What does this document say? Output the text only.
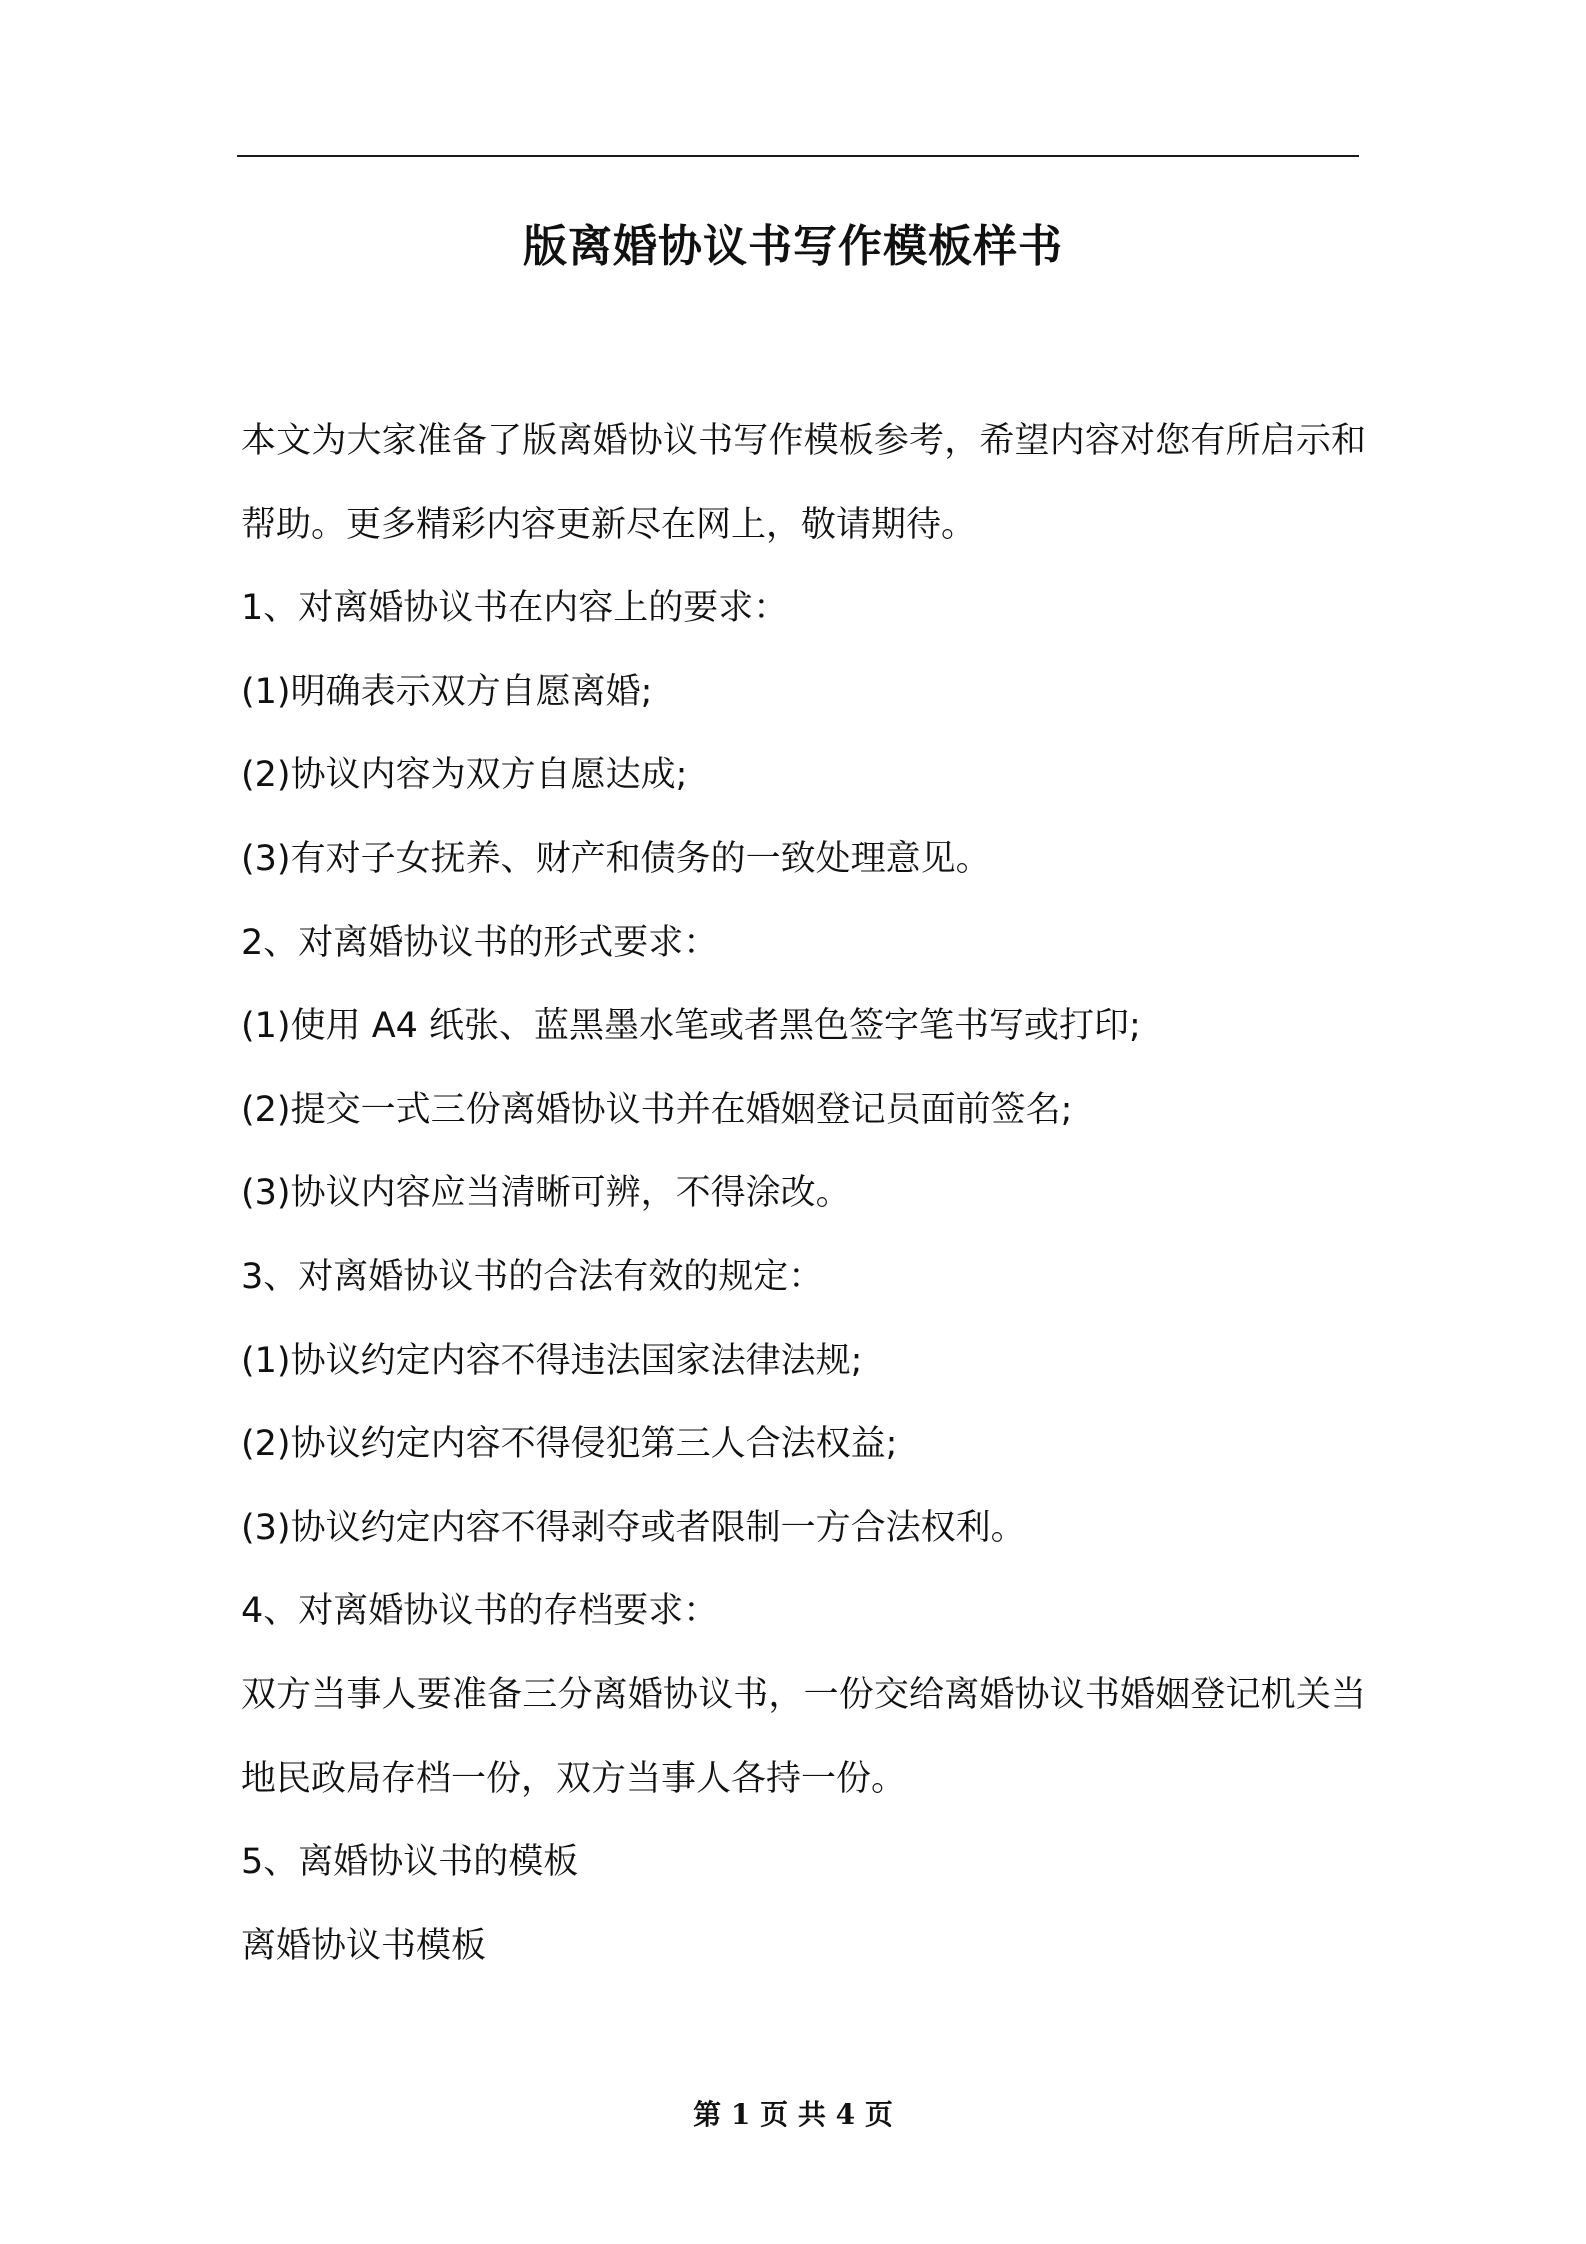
版离婚协议书写作模板样书

本文为大家准备了版离婚协议书写作模板参考，希望内容对您有所启示和帮助。更多精彩内容更新尽在网上，敬请期待。

1、对离婚协议书在内容上的要求：

(1)明确表示双方自愿离婚;

(2)协议内容为双方自愿达成;

(3)有对子女抚养、财产和债务的一致处理意见。

2、对离婚协议书的形式要求：

(1)使用 A4 纸张、蓝黑墨水笔或者黑色签字笔书写或打印;

(2)提交一式三份离婚协议书并在婚姻登记员面前签名;

(3)协议内容应当清晰可辨，不得涂改。

3、对离婚协议书的合法有效的规定：

(1)协议约定内容不得违法国家法律法规;

(2)协议约定内容不得侵犯第三人合法权益;

(3)协议约定内容不得剥夺或者限制一方合法权利。

4、对离婚协议书的存档要求：

双方当事人要准备三分离婚协议书，一份交给离婚协议书婚姻登记机关当地民政局存档一份，双方当事人各持一份。

5、离婚协议书的模板

离婚协议书模板

第 1 页 共 4 页
